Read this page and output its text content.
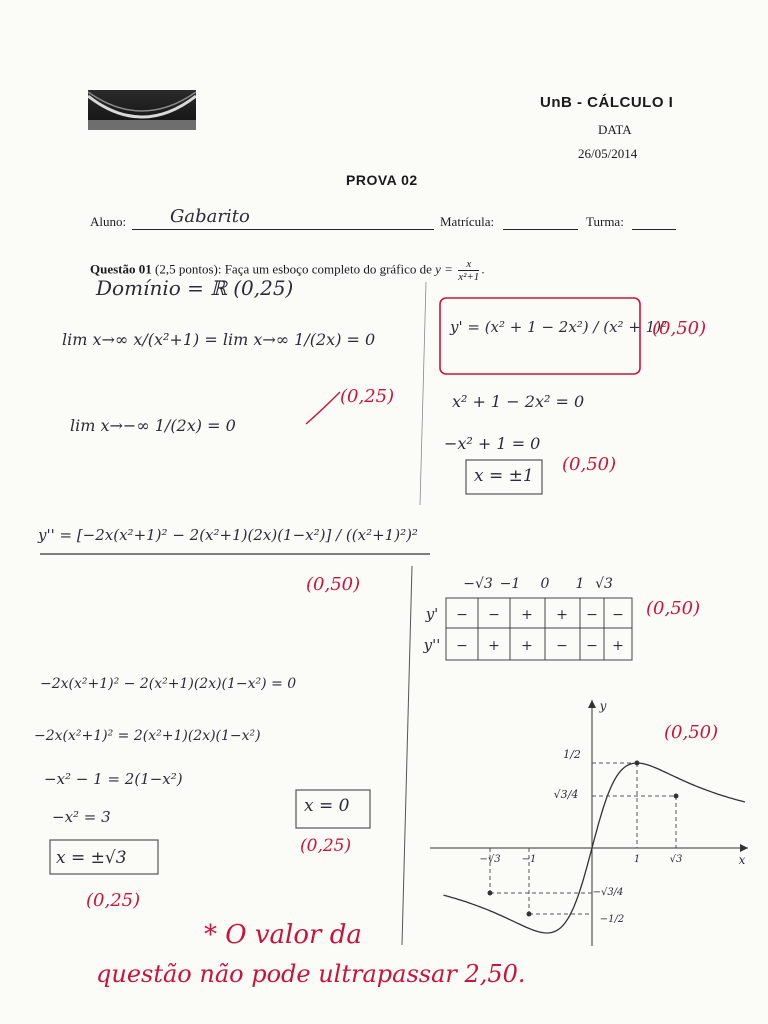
UnB - CÁLCULO I
DATA
26/05/2014
PROVA 02
Aluno: Gabarito	Matrícula:	Turma:
Questão 01 (2,5 pontos): Faça um esboço completo do gráfico de $y = \frac{x}{\text{x²+1}}$ .
Domínio = ℝ (0,25)
lim x→∞ x/(x²+1) = lim x→∞ 1/(2x) = 0
lim x→−∞ 1/(2x) = 0
(0,25)
y' = (x² + 1 − 2x²) / (x² + 1)²
(0,50)
x² + 1 − 2x² = 0
−x² + 1 = 0
x = ±1
(0,50)
y'' = [−2x(x²+1)² − 2(x²+1)(2x)(1−x²)] / ((x²+1)²)²
(0,50)
−2x(x²+1)² − 2(x²+1)(2x)(1−x²) = 0
−2x(x²+1)² = 2(x²+1)(2x)(1−x²)
−x² − 1 = 2(1−x²)
−x² = 3
x = ±√3
(0,25)
x = 0
(0,25)
(0,50)
(0,50)
* O valor da
questão não pode ultrapassar 2,50.
−√3 −1 0 1 √3
y' − − + + − −
y'' − + + − − +
x
y
−√3 −1	1	√3
1/2
√3/4
−√3/4
−1/2
